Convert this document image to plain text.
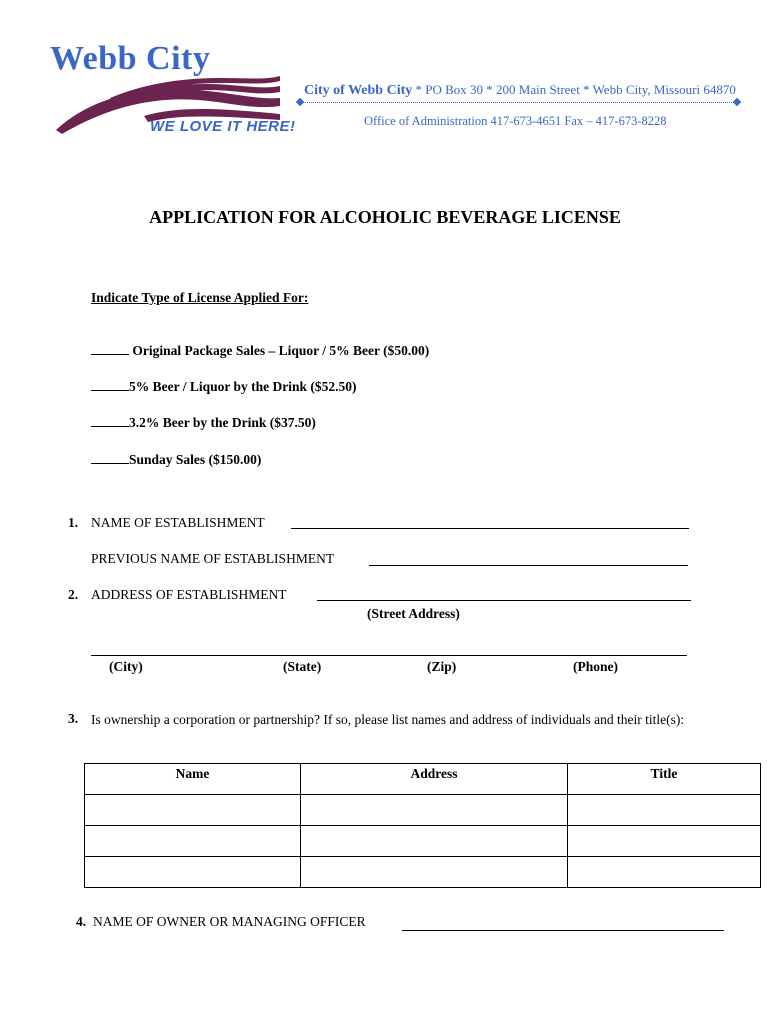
Webb City
WE LOVE IT HERE!
City of Webb City * PO Box 30 * 200 Main Street * Webb City, Missouri 64870
Office of Administration 417-673-4651 Fax – 417-673-8228
APPLICATION FOR ALCOHOLIC BEVERAGE LICENSE
Indicate Type of License Applied For:
Original Package Sales – Liquor / 5% Beer ($50.00)
5% Beer / Liquor by the Drink ($52.50)
3.2% Beer by the Drink ($37.50)
Sunday Sales ($150.00)
1. NAME OF ESTABLISHMENT
PREVIOUS NAME OF ESTABLISHMENT
2. ADDRESS OF ESTABLISHMENT
(Street Address)
(City)	(State)	(Zip)	(Phone)
3. Is ownership a corporation or partnership? If so, please list names and address of individuals and their title(s):
Name	Address	Title

4. NAME OF OWNER OR MANAGING OFFICER
